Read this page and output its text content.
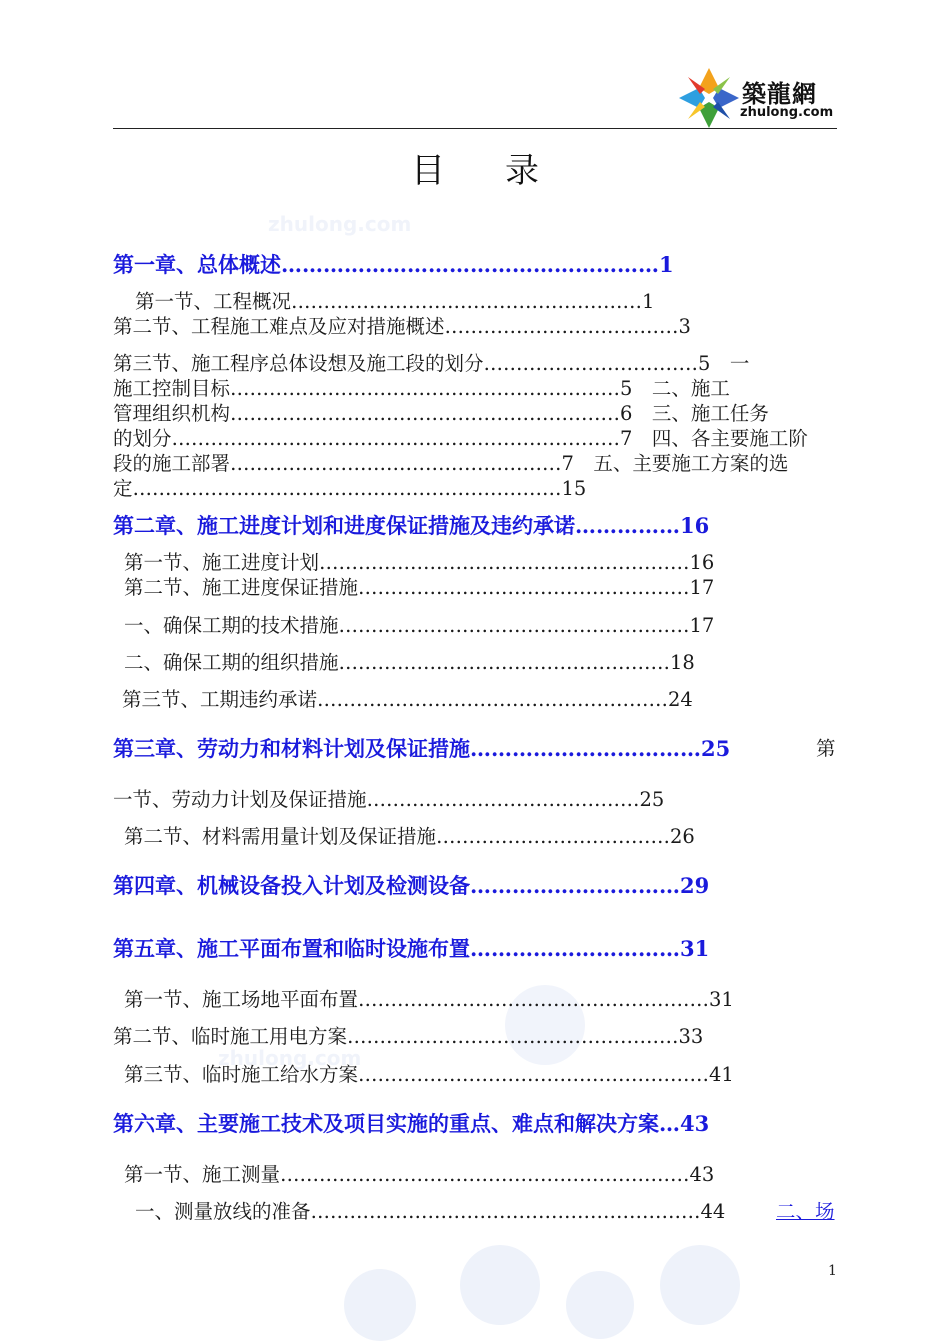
築龍網
zhulong.com
目录
zhulong.com
zhulong.com
第一章、总体概述………………………………………………1
第一节、工程概况………………………………………………1
第二节、工程施工难点及应对措施概述………………………………3
第三节、施工程序总体设想及施工段的划分……………………………5　一
施工控制目标……………………………………………………5　二、施工
管理组织机构……………………………………………………6　三、施工任务
的划分……………………………………………………………7　四、各主要施工阶
段的施工部署……………………………………………7　五、主要施工方案的选
定…………………………………………………………15
第二章、施工进度计划和进度保证措施及违约承诺……………16
第一节、施工进度计划…………………………………………………16
第二节、施工进度保证措施……………………………………………17
一、确保工期的技术措施………………………………………………17
二、确保工期的组织措施……………………………………………18
第三节、工期违约承诺………………………………………………24
第三章、劳动力和材料计划及保证措施……………………………25	第
一节、劳动力计划及保证措施……………………………………25
第二节、材料需用量计划及保证措施………………………………26
第四章、机械设备投入计划及检测设备…………………………29
第五章、施工平面布置和临时设施布置…………………………31
第一节、施工场地平面布置………………………………………………31
第二节、临时施工用电方案……………………………………………33
第三节、临时施工给水方案………………………………………………41
第六章、主要施工技术及项目实施的重点、难点和解决方案…43
第一节、施工测量………………………………………………………43
一、测量放线的准备……………………………………………………44	二、场
1
